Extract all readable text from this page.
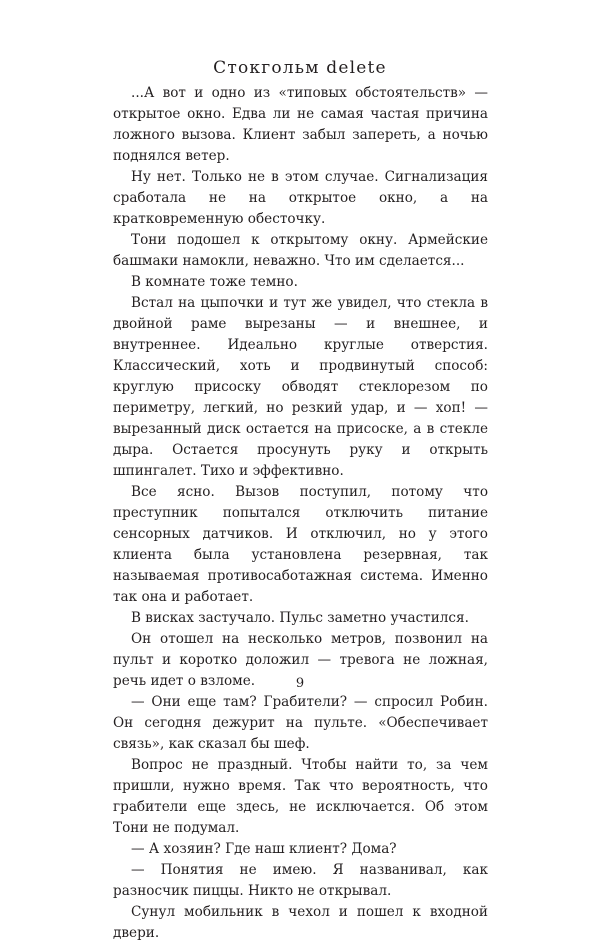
Стокгольм delete

...А вот и одно из «типовых обстоятельств» — открытое окно. Едва ли не самая частая причина ложного вызова. Клиент забыл запереть, а ночью поднялся ветер.

Ну нет. Только не в этом случае. Сигнализация сработала не на открытое окно, а на кратковременную обесточку.

Тони подошел к открытому окну. Армейские башмаки намокли, неважно. Что им сделается...

В комнате тоже темно.

Встал на цыпочки и тут же увидел, что стекла в двойной раме вырезаны — и внешнее, и внутреннее. Идеально круглые отверстия. Классический, хоть и продвинутый способ: круглую присоску обводят стеклорезом по периметру, легкий, но резкий удар, и — хоп! — вырезанный диск остается на присоске, а в стекле дыра. Остается просунуть руку и открыть шпингалет. Тихо и эффективно.

Все ясно. Вызов поступил, потому что преступник попытался отключить питание сенсорных датчиков. И отключил, но у этого клиента была установлена резервная, так называемая противосаботажная система. Именно так она и работает.

В висках застучало. Пульс заметно участился.

Он отошел на несколько метров, позвонил на пульт и коротко доложил — тревога не ложная, речь идет о взломе.

— Они еще там? Грабители? — спросил Робин. Он сегодня дежурит на пульте. «Обеспечивает связь», как сказал бы шеф.

Вопрос не праздный. Чтобы найти то, за чем пришли, нужно время. Так что вероятность, что грабители еще здесь, не исключается. Об этом Тони не подумал.

— А хозяин? Где наш клиент? Дома?

— Понятия не имею. Я названивал, как разносчик пиццы. Никто не открывал.

Сунул мобильник в чехол и пошел к входной двери.

9
